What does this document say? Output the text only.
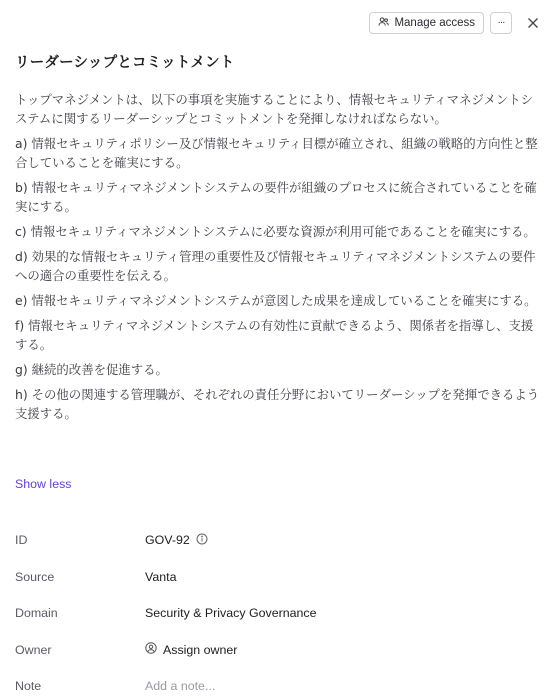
Manage access ···
リーダーシップとコミットメント

トップマネジメントは、以下の事項を実施することにより、情報セキュリティマネジメントシステムに関するリーダーシップとコミットメントを発揮しなければならない。

a) 情報セキュリティポリシー及び情報セキュリティ目標が確立され、組織の戦略的方向性と整合していることを確実にする。

b) 情報セキュリティマネジメントシステムの要件が組織のプロセスに統合されていることを確実にする。

c) 情報セキュリティマネジメントシステムに必要な資源が利用可能であることを確実にする。

d) 効果的な情報セキュリティ管理の重要性及び情報セキュリティマネジメントシステムの要件への適合の重要性を伝える。

e) 情報セキュリティマネジメントシステムが意図した成果を達成していることを確実にする。

f) 情報セキュリティマネジメントシステムの有効性に貢献できるよう、関係者を指導し、支援する。

g) 継続的改善を促進する。

h) その他の関連する管理職が、それぞれの責任分野においてリーダーシップを発揮できるよう支援する。

Show less
ID	GOV-92
Source	Vanta
Domain	Security & Privacy Governance
Owner	Assign owner
Note	Add a note...
